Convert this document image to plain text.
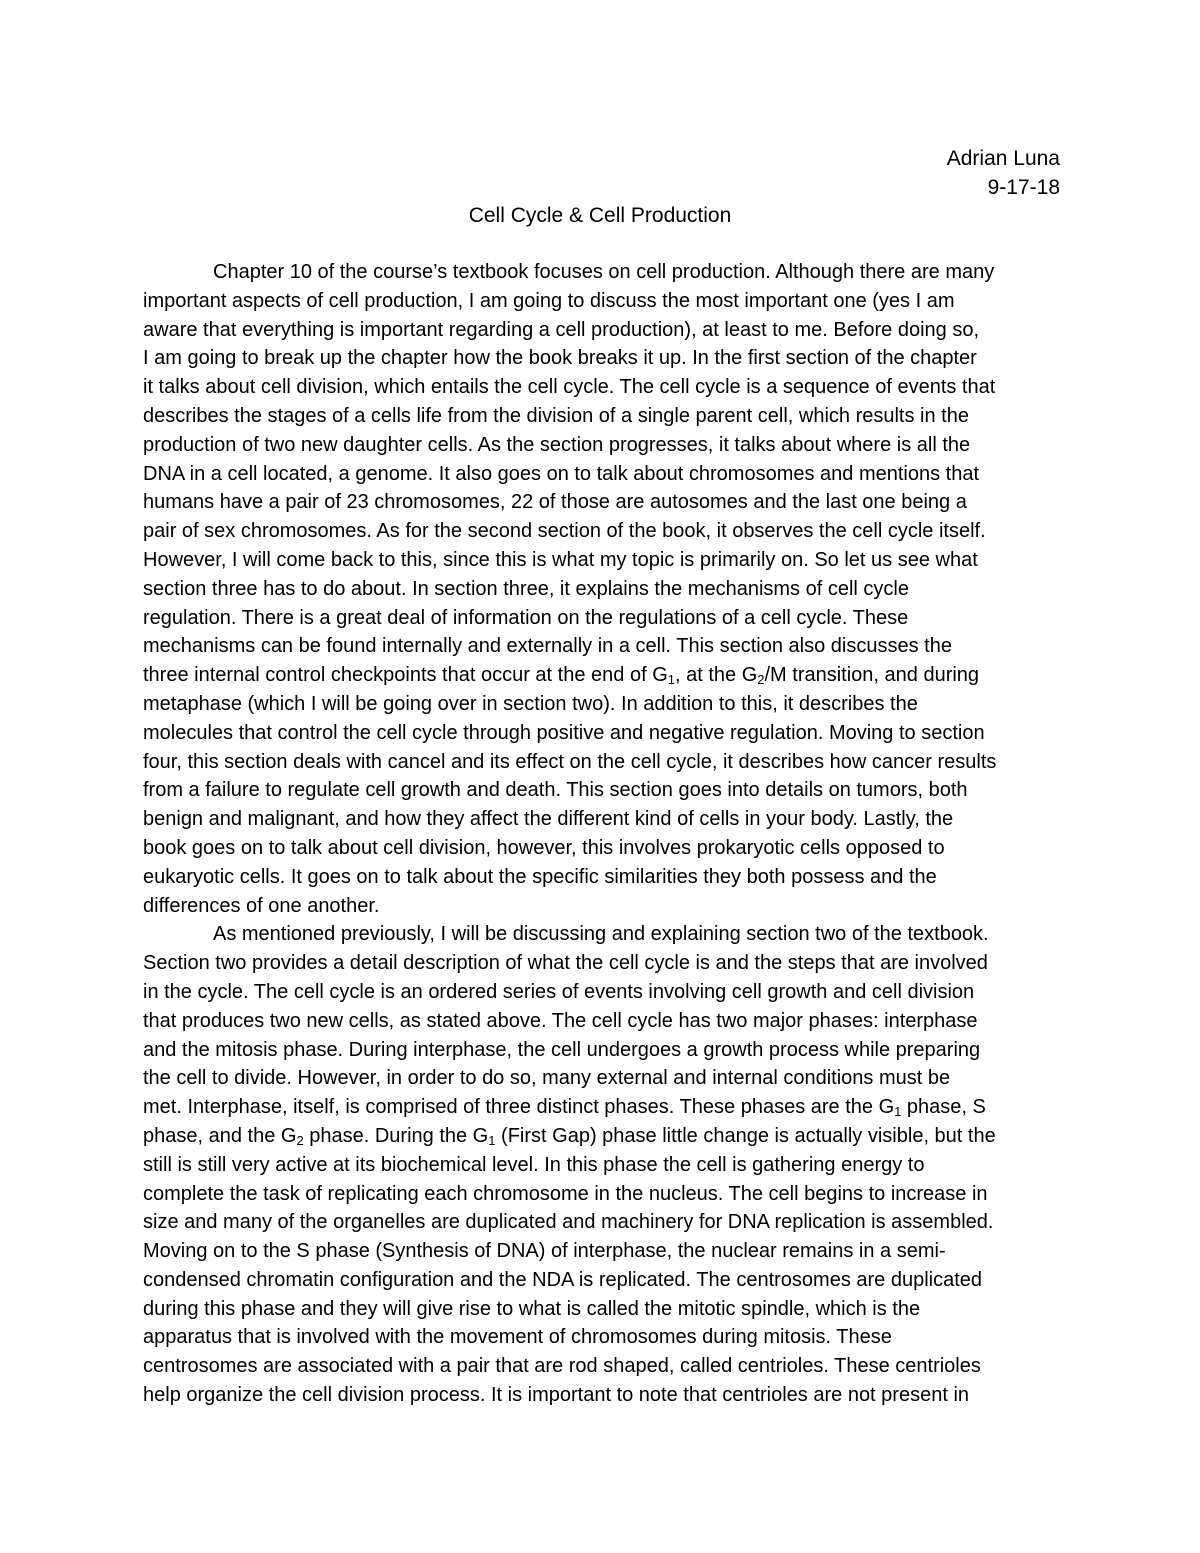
Adrian Luna
9-17-18
Cell Cycle & Cell Production
Chapter 10 of the course’s textbook focuses on cell production. Although there are many
important aspects of cell production, I am going to discuss the most important one (yes I am
aware that everything is important regarding a cell production), at least to me. Before doing so,
I am going to break up the chapter how the book breaks it up. In the first section of the chapter
it talks about cell division, which entails the cell cycle. The cell cycle is a sequence of events that
describes the stages of a cells life from the division of a single parent cell, which results in the
production of two new daughter cells. As the section progresses, it talks about where is all the
DNA in a cell located, a genome. It also goes on to talk about chromosomes and mentions that
humans have a pair of 23 chromosomes, 22 of those are autosomes and the last one being a
pair of sex chromosomes. As for the second section of the book, it observes the cell cycle itself.
However, I will come back to this, since this is what my topic is primarily on. So let us see what
section three has to do about. In section three, it explains the mechanisms of cell cycle
regulation. There is a great deal of information on the regulations of a cell cycle. These
mechanisms can be found internally and externally in a cell. This section also discusses the
three internal control checkpoints that occur at the end of $G_1$, at the $G_2/M$ transition, and during
metaphase (which I will be going over in section two). In addition to this, it describes the
molecules that control the cell cycle through positive and negative regulation. Moving to section
four, this section deals with cancel and its effect on the cell cycle, it describes how cancer results
from a failure to regulate cell growth and death. This section goes into details on tumors, both
benign and malignant, and how they affect the different kind of cells in your body. Lastly, the
book goes on to talk about cell division, however, this involves prokaryotic cells opposed to
eukaryotic cells. It goes on to talk about the specific similarities they both possess and the
differences of one another.
As mentioned previously, I will be discussing and explaining section two of the textbook.
Section two provides a detail description of what the cell cycle is and the steps that are involved
in the cycle. The cell cycle is an ordered series of events involving cell growth and cell division
that produces two new cells, as stated above. The cell cycle has two major phases: interphase
and the mitosis phase. During interphase, the cell undergoes a growth process while preparing
the cell to divide. However, in order to do so, many external and internal conditions must be
met. Interphase, itself, is comprised of three distinct phases. These phases are the $G_1$ phase, S
phase, and the $G_2$ phase. During the $G_1$ (First Gap) phase little change is actually visible, but the
still is still very active at its biochemical level. In this phase the cell is gathering energy to
complete the task of replicating each chromosome in the nucleus. The cell begins to increase in
size and many of the organelles are duplicated and machinery for DNA replication is assembled.
Moving on to the S phase (Synthesis of DNA) of interphase, the nuclear remains in a semi-
condensed chromatin configuration and the NDA is replicated. The centrosomes are duplicated
during this phase and they will give rise to what is called the mitotic spindle, which is the
apparatus that is involved with the movement of chromosomes during mitosis. These
centrosomes are associated with a pair that are rod shaped, called centrioles. These centrioles
help organize the cell division process. It is important to note that centrioles are not present in
